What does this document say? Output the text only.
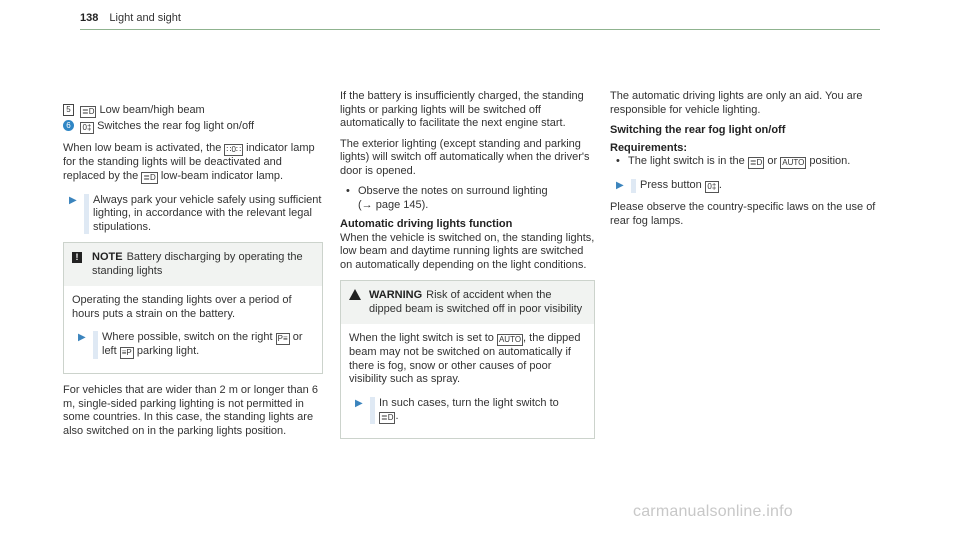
138 Light and sight
5	≣D Low beam/high beam
6	0‡ Switches the rear fog light on/off

When low beam is activated, the ∷0∷ indicator lamp for the standing lights will be deactivated and replaced by the ≣D low-beam indicator lamp.

▶	Always park your vehicle safely using sufficient lighting, in accordance with the relevant legal stipulations.
!	NOTE Battery discharging by operating the standing lights

Operating the standing lights over a period of hours puts a strain on the battery.

▶	Where possible, switch on the right P≡ or left ≡P parking light.

For vehicles that are wider than 2 m or longer than 6 m, single-sided parking lighting is not permitted in some countries. In this case, the standing lights are also switched on in the parking lights position.

If the battery is insufficiently charged, the standing lights or parking lights will be switched off automatically to facilitate the next engine start.

The exterior lighting (except standing and parking lights) will switch off automatically when the driver's door is opened.

• Observe the notes on surround lighting
(→ page 145).
Automatic driving lights function

When the vehicle is switched on, the standing lights, low beam and daytime running lights are switched on automatically depending on the light conditions.

WARNING Risk of accident when the dipped beam is switched off in poor visibility

When the light switch is set to AUTO , the dipped beam may not be switched on automatically if there is fog, snow or other causes of poor visibility such as spray.

▶	In such cases, turn the light switch to
≣D .

The automatic driving lights are only an aid. You are responsible for vehicle lighting.

Switching the rear fog light on/off
Requirements:
• The light switch is in the ≣D or AUTO position.
▶	Press button 0‡ .

Please observe the country-specific laws on the use of rear fog lamps.

carmanualsonline.info
